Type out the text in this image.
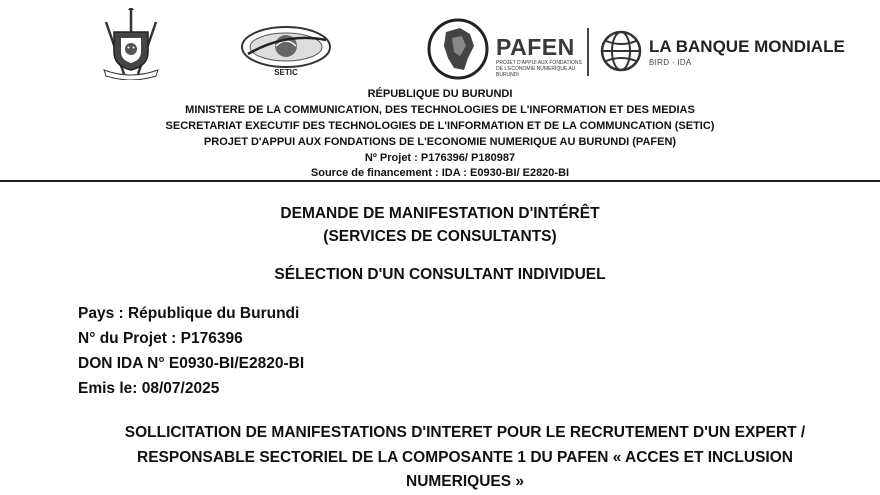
SETIC
PAFEN
PROJET D'APPUI AUX FONDATIONS DE L'ECONOMIE NUMERIQUE AU BURUNDI
LA BANQUE MONDIALE
BIRD · IDA
RÉPUBLIQUE DU BURUNDI
MINISTERE DE LA COMMUNICATION, DES TECHNOLOGIES DE L'INFORMATION ET DES MEDIAS
SECRETARIAT EXECUTIF DES TECHNOLOGIES DE L'INFORMATION ET DE LA COMMUNCATION (SETIC)
PROJET D'APPUI AUX FONDATIONS DE L'ECONOMIE NUMERIQUE AU BURUNDI (PAFEN)
Nº Projet : P176396/ P180987
Source de financement : IDA : E0930-BI/ E2820-BI
DEMANDE DE MANIFESTATION D'INTÉRÊT
(SERVICES DE CONSULTANTS)
SÉLECTION D'UN CONSULTANT INDIVIDUEL
Pays : République du Burundi
N° du Projet : P176396
DON IDA N° E0930-BI/E2820-BI
Emis le: 08/07/2025
SOLLICITATION DE MANIFESTATIONS D'INTERET POUR LE RECRUTEMENT D'UN EXPERT /
RESPONSABLE SECTORIEL DE LA COMPOSANTE 1 DU PAFEN « ACCES ET INCLUSION
NUMERIQUES »
